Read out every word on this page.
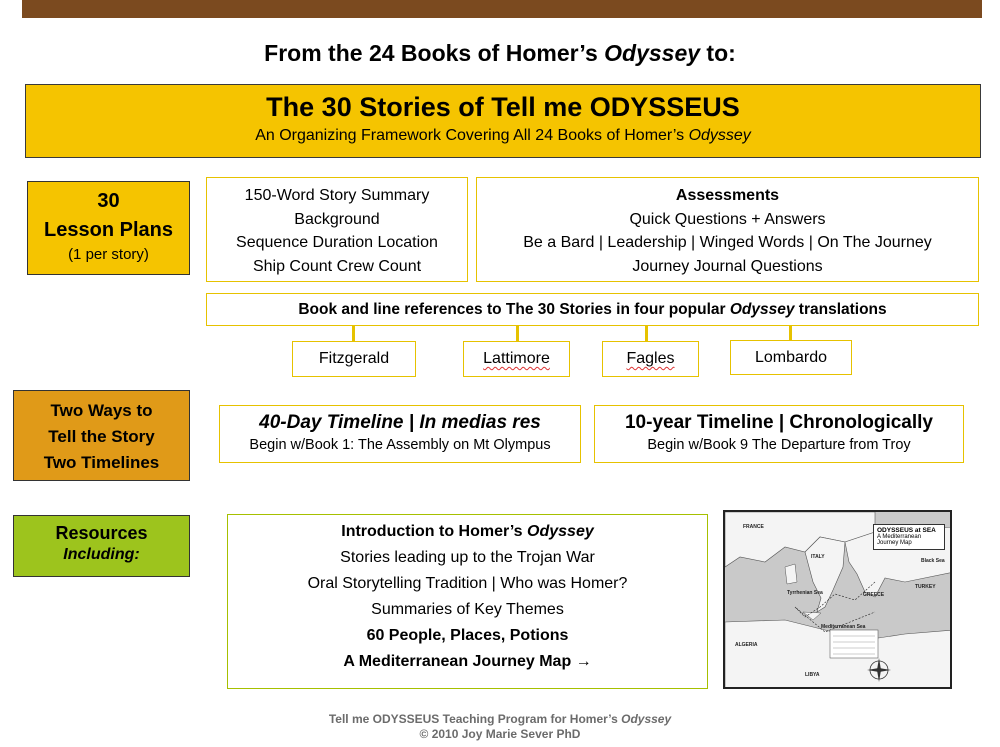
From the 24 Books of Homer’s Odyssey to:
The 30 Stories of Tell me ODYSSEUS
An Organizing Framework Covering All 24 Books of Homer’s Odyssey
30
Lesson Plans
(1 per story)
150-Word Story Summary
Background
Sequence Duration Location
Ship Count Crew Count
Assessments
Quick Questions + Answers
Be a Bard | Leadership | Winged Words | On The Journey
Journey Journal Questions
Book and line references to The 30 Stories in four popular Odyssey translations
Fitzgerald	Lattimore	Fagles	Lombardo
Two Ways to
Tell the Story
Two Timelines
40-Day Timeline | In medias res
Begin w/Book 1: The Assembly on Mt Olympus
10-year Timeline | Chronologically
Begin w/Book 9 The Departure from Troy
Resources
Including:
Introduction to Homer’s Odyssey
Stories leading up to the Trojan War
Oral Storytelling Tradition | Who was Homer?
Summaries of Key Themes
60 People, Places, Potions
A Mediterranean Journey Map →
ODYSSEUS at SEA
A Mediterranean Journey Map
FRANCE
ITALY
GREECE
TURKEY
Black Sea
Mediterranean Sea
Tyrrhenian Sea
ALGERIA
LIBYA
Tell me ODYSSEUS Teaching Program for Homer’s Odyssey
© 2010 Joy Marie Sever PhD
